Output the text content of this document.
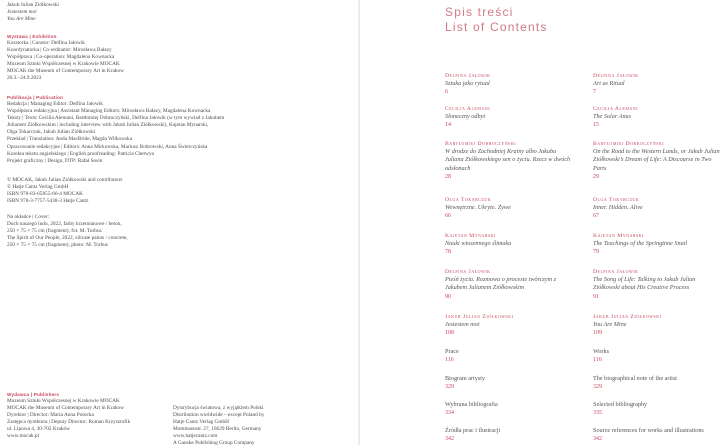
Jakub Julian Ziółkowski
Jestestem moi
You Are Mine
Wystawa | Exhibition
Kuratorka | Curator: Delfina Jałowik
Koordynatorka | Co-ordinator: Mirosława Bałazy
Współpraca | Co-operation: Magdalena Kownacka
Muzeum Sztuki Współczesnej w Krakowie MOCAK
MOCAK the Museum of Contemporary Art in Krakow
20.3.–24.9.2023
Publikacja | Publication
Redakcja | Managing Editor: Delfina Jałowik
Współpraca redakcyjna | Assistant Managing Editors: Mirosława Bałazy, Magdalena Kownacka
Teksty | Texts: Cecilia Alemani, Bartłomiej Dobroczyński, Delfina Jałowik (w tym wywiad z Jakubem
Julianem Ziółkowskim | including interview with Jakub Julian Ziółkowski), Kajetan Mynarski,
Olga Tokarczuk, Jakub Julian Ziółkowski
Przekład | Translation: Anda MacBride, Magda Wilkowska
Opracowanie redakcyjne | Editors: Anna Mirkowska, Mariusz Bobrowski, Anna Świerczyńska
Korekta tekstu angielskiego | English proofreading: Patricia Chetwyn
Projekt graficzny | Design, DTP: Rafał Sosin
© MOCAK, Jakub Julian Ziółkowski and contributors
© Hatje Cantz Verlag GmbH
ISBN 978-83-65855-66-4 MOCAK
ISBN 978-3-7757-5438-3 Hatje Cantz
Na okładce | Cover:
Duch naszego ludu, 2022, farby krzemianowe / beton,
250 × 75 × 75 cm (fragment), fot. M. Torbus
The Spirit of Our People, 2022, silicate paints / concrete,
250 × 75 × 75 cm (fragment), photo: M. Torbus
Wydawca | Publishers
Muzeum Sztuki Współczesnej w Krakowie MOCAK
MOCAK the Museum of Contemporary Art in Krakow
Dyrektor | Director: Maria Anna Potocka
Zastępca dyrektora | Deputy Director: Roman Krzysztofik
ul. Lipowa 4, 30-702 Kraków
www.mocak.pl
Dystrybucja światowa, z wyjątkiem Polski
Distribution worldwide – except Poland by
Hatje Cantz Verlag GmbH
Mommsenstr. 27, 10629 Berlin, Germany
www.hatjecantz.com
A Ganske Publishing Group Company
Spis treści
List of Contents
Delfina Jałowik
Sztuka jako rytuał
6
Cecilia Alemani
Słoneczny odbyt
14
Bartłomiej Dobroczyński
W drodze do Zachodniej Krainy albo Jakuba Juliana Ziółkowskiego sen o życiu. Rzecz w dwóch odsłonach
28
Olga Tokarczuk
Wewnętrzne. Ukryte. Żywe
66
Kajetan Mynarski
Nauki wiosennego ślimaka
78
Delfina Jałowik
Pieśń życia. Rozmowa o procesie twórczym z Jakubem Julianem Ziółkowskim
90
Jakub Julian Ziółkowski
Jestestem moi
108
Prace
116
Biogram artysty
329
Wybrana bibliografia
334
Źródła prac i ilustracji
342
Delfina Jałowik
Art as Ritual
7
Cecilia Alemani
The Solar Anus
15
Bartłomiej Dobroczyński
On the Road to the Western Lands, or Jakub Julian Ziółkowski’s Dream of Life: A Discourse in Two Parts
29
Olga Tokarczuk
Inner. Hidden. Alive
67
Kajetan Mynarski
The Teachings of the Springtime Snail
79
Delfina Jałowik
The Song of Life: Talking to Jakub Julian Ziółkowski about His Creative Process
91
Jakub Julian Ziółkowski
You Are Mine
109
Works
116
The biographical note of the artist
329
Selected bibliography
335
Source references for works and illustrations
342
